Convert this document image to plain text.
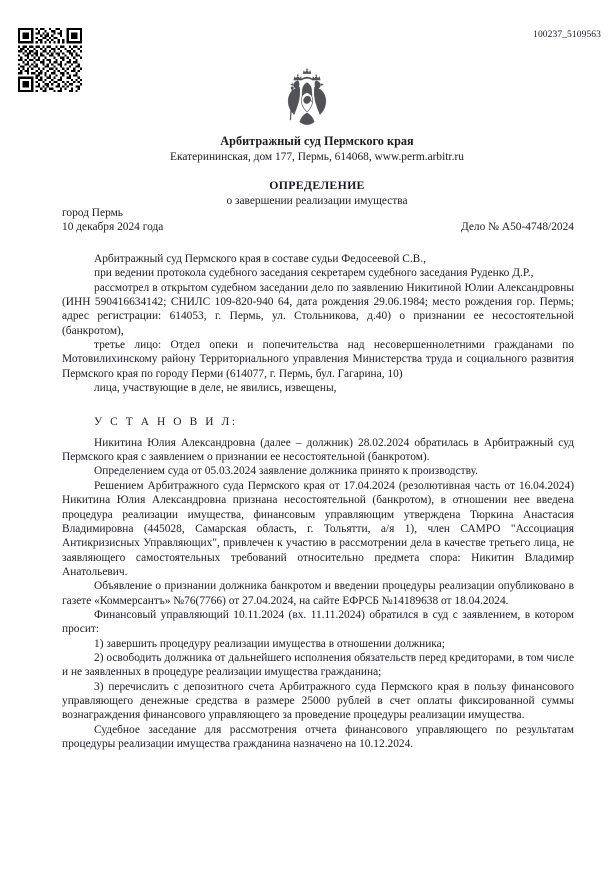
100237_5109563
Арбитражный суд Пермского края
Екатерининская, дом 177, Пермь, 614068, www.perm.arbitr.ru
ОПРЕДЕЛЕНИЕ
о завершении реализации имущества
город Пермь
10 декабря 2024 года	Дело № А50-4748/2024

Арбитражный суд Пермского края в составе судьи Федосеевой С.В.,

при ведении протокола судебного заседания секретарем судебного заседания Руденко Д.Р.,

рассмотрел в открытом судебном заседании дело по заявлению Никитиной Юлии Александровны (ИНН 590416634142; СНИЛС 109-820-940 64, дата рождения 29.06.1984; место рождения гор. Пермь; адрес регистрации: 614053, г. Пермь, ул. Стольникова, д.40) о признании ее несостоятельной (банкротом),

третье лицо: Отдел опеки и попечительства над несовершеннолетними гражданами по Мотовилихинскому району Территориального управления Министерства труда и социального развития Пермского края по городу Перми (614077, г. Пермь, бул. Гагарина, 10)

лица, участвующие в деле, не явились, извещены,

У С Т А Н О В И Л:

Никитина Юлия Александровна (далее – должник) 28.02.2024 обратилась в Арбитражный суд Пермского края с заявлением о признании ее несостоятельной (банкротом).

Определением суда от 05.03.2024 заявление должника принято к производству.

Решением Арбитражного суда Пермского края от 17.04.2024 (резолютивная часть от 16.04.2024) Никитина Юлия Александровна признана несостоятельной (банкротом), в отношении нее введена процедура реализации имущества, финансовым управляющим утверждена Тюркина Анастасия Владимировна (445028, Самарская область, г. Тольятти, а/я 1), член САМРО "Ассоциация Антикризисных Управляющих", привлечен к участию в рассмотрении дела в качестве третьего лица, не заявляющего самостоятельных требований относительно предмета спора: Никитин Владимир Анатольевич.

Объявление о признании должника банкротом и введении процедуры реализации опубликовано в газете «Коммерсантъ» №76(7766) от 27.04.2024, на сайте ЕФРСБ №14189638 от 18.04.2024.

Финансовый управляющий 10.11.2024 (вх. 11.11.2024) обратился в суд с заявлением, в котором просит:

1) завершить процедуру реализации имущества в отношении должника;

2) освободить должника от дальнейшего исполнения обязательств перед кредиторами, в том числе и не заявленных в процедуре реализации имущества гражданина;

3) перечислить с депозитного счета Арбитражного суда Пермского края в пользу финансового управляющего денежные средства в размере 25000 рублей в счет оплаты фиксированной суммы вознаграждения финансового управляющего за проведение процедуры реализации имущества.

Судебное заседание для рассмотрения отчета финансового управляющего по результатам процедуры реализации имущества гражданина назначено на 10.12.2024.
